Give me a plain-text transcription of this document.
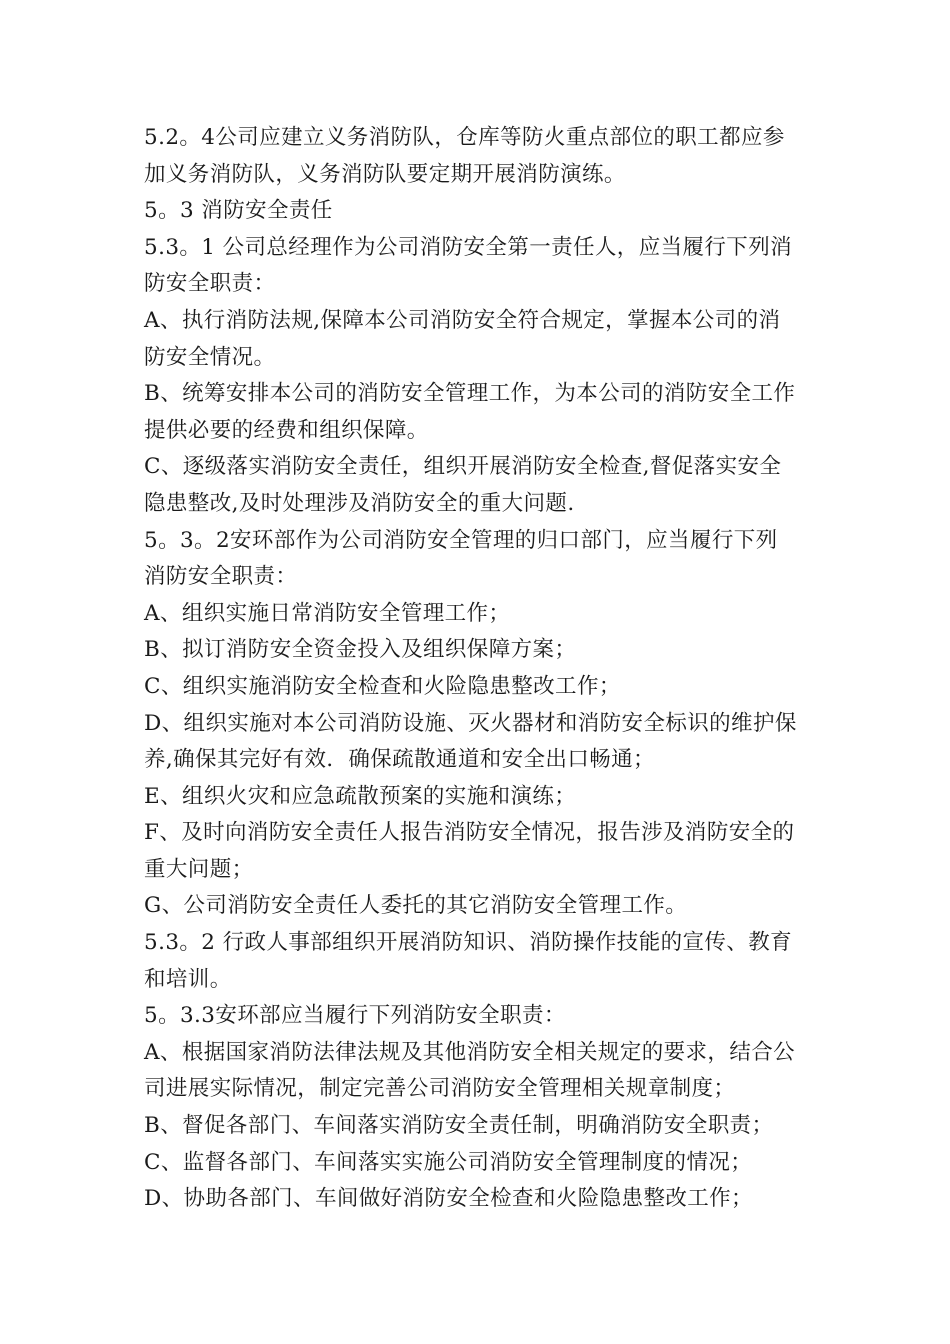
5.2。4公司应建立义务消防队，仓库等防火重点部位的职工都应参
加义务消防队，义务消防队要定期开展消防演练。
5。3 消防安全责任
5.3。1 公司总经理作为公司消防安全第一责任人，应当履行下列消
防安全职责：
A、执行消防法规,保障本公司消防安全符合规定，掌握本公司的消
防安全情况。
B、统筹安排本公司的消防安全管理工作，为本公司的消防安全工作
提供必要的经费和组织保障。
C、逐级落实消防安全责任，组织开展消防安全检查,督促落实安全
隐患整改,及时处理涉及消防安全的重大问题.
5。3。2安环部作为公司消防安全管理的归口部门，应当履行下列
消防安全职责：
A、组织实施日常消防安全管理工作；
B、拟订消防安全资金投入及组织保障方案；
C、组织实施消防安全检查和火险隐患整改工作；
D、组织实施对本公司消防设施、灭火器材和消防安全标识的维护保
养,确保其完好有效．确保疏散通道和安全出口畅通；
E、组织火灾和应急疏散预案的实施和演练；
F、及时向消防安全责任人报告消防安全情况，报告涉及消防安全的
重大问题；
G、公司消防安全责任人委托的其它消防安全管理工作。
5.3。2 行政人事部组织开展消防知识、消防操作技能的宣传、教育
和培训。
5。3.3安环部应当履行下列消防安全职责：
A、根据国家消防法律法规及其他消防安全相关规定的要求，结合公
司进展实际情况，制定完善公司消防安全管理相关规章制度；
B、督促各部门、车间落实消防安全责任制，明确消防安全职责；
C、监督各部门、车间落实实施公司消防安全管理制度的情况；
D、协助各部门、车间做好消防安全检查和火险隐患整改工作；
